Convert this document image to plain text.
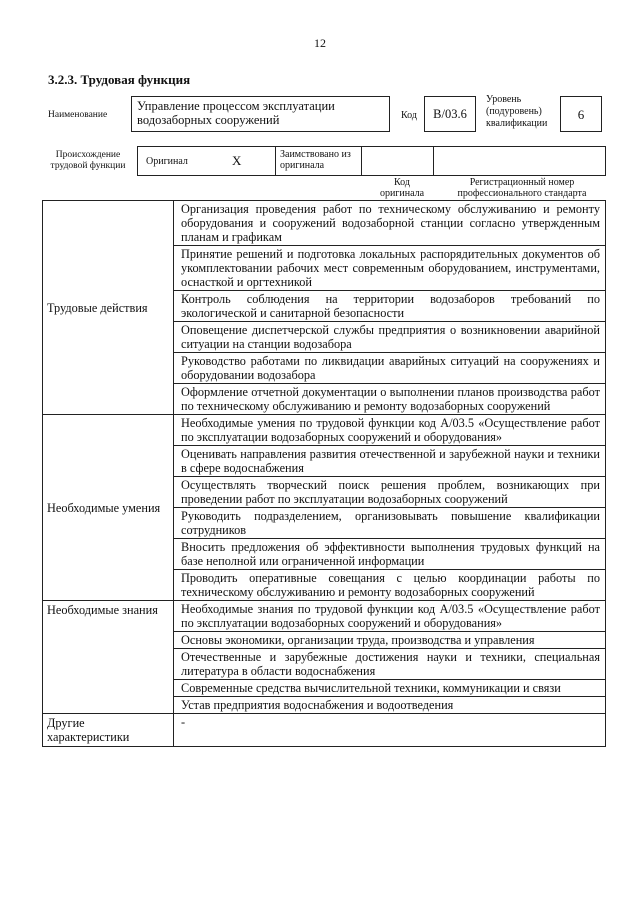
12
3.2.3. Трудовая функция
Наименование
Управление процессом эксплуатации водозаборных сооружений	Код	В/03.6
Уровень (подуровень) квалификации
6
Происхождение трудовой функции Оригинал	X	Заимствовано из оригинала
Код оригинала
Регистрационный номер профессионального стандарта
Трудовые действия	Организация проведения работ по техническому обслуживанию и ремонту оборудования и сооружений водозаборной станции согласно утвержденным планам и графикам
	Принятие решений и подготовка локальных распорядительных документов об укомплектовании рабочих мест современным оборудованием, инструментами, оснасткой и оргтехникой
	Контроль соблюдения на территории водозаборов требований по экологической и санитарной безопасности
	Оповещение диспетчерской службы предприятия о возникновении аварийной ситуации на станции водозабора
	Руководство работами по ликвидации аварийных ситуаций на сооружениях и оборудовании водозабора
	Оформление отчетной документации о выполнении планов производства работ по техническому обслуживанию и ремонту водозаборных сооружений
Необходимые умения	Необходимые умения по трудовой функции код А/03.5 «Осуществление работ по эксплуатации водозаборных сооружений и оборудования»
	Оценивать направления развития отечественной и зарубежной науки и техники в сфере водоснабжения
	Осуществлять творческий поиск решения проблем, возникающих при проведении работ по эксплуатации водозаборных сооружений
	Руководить подразделением, организовывать повышение квалификации сотрудников
	Вносить предложения об эффективности выполнения трудовых функций на базе неполной или ограниченной информации
	Проводить оперативные совещания с целью координации работы по техническому обслуживанию и ремонту водозаборных сооружений
Необходимые знания	Необходимые знания по трудовой функции код А/03.5 «Осуществление работ по эксплуатации водозаборных сооружений и оборудования»
	Основы экономики, организации труда, производства и управления
	Отечественные и зарубежные достижения науки и техники, специальная литература в области водоснабжения
	Современные средства вычислительной техники, коммуникации и связи
	Устав предприятия водоснабжения и водоотведения
Другие характеристики	-
